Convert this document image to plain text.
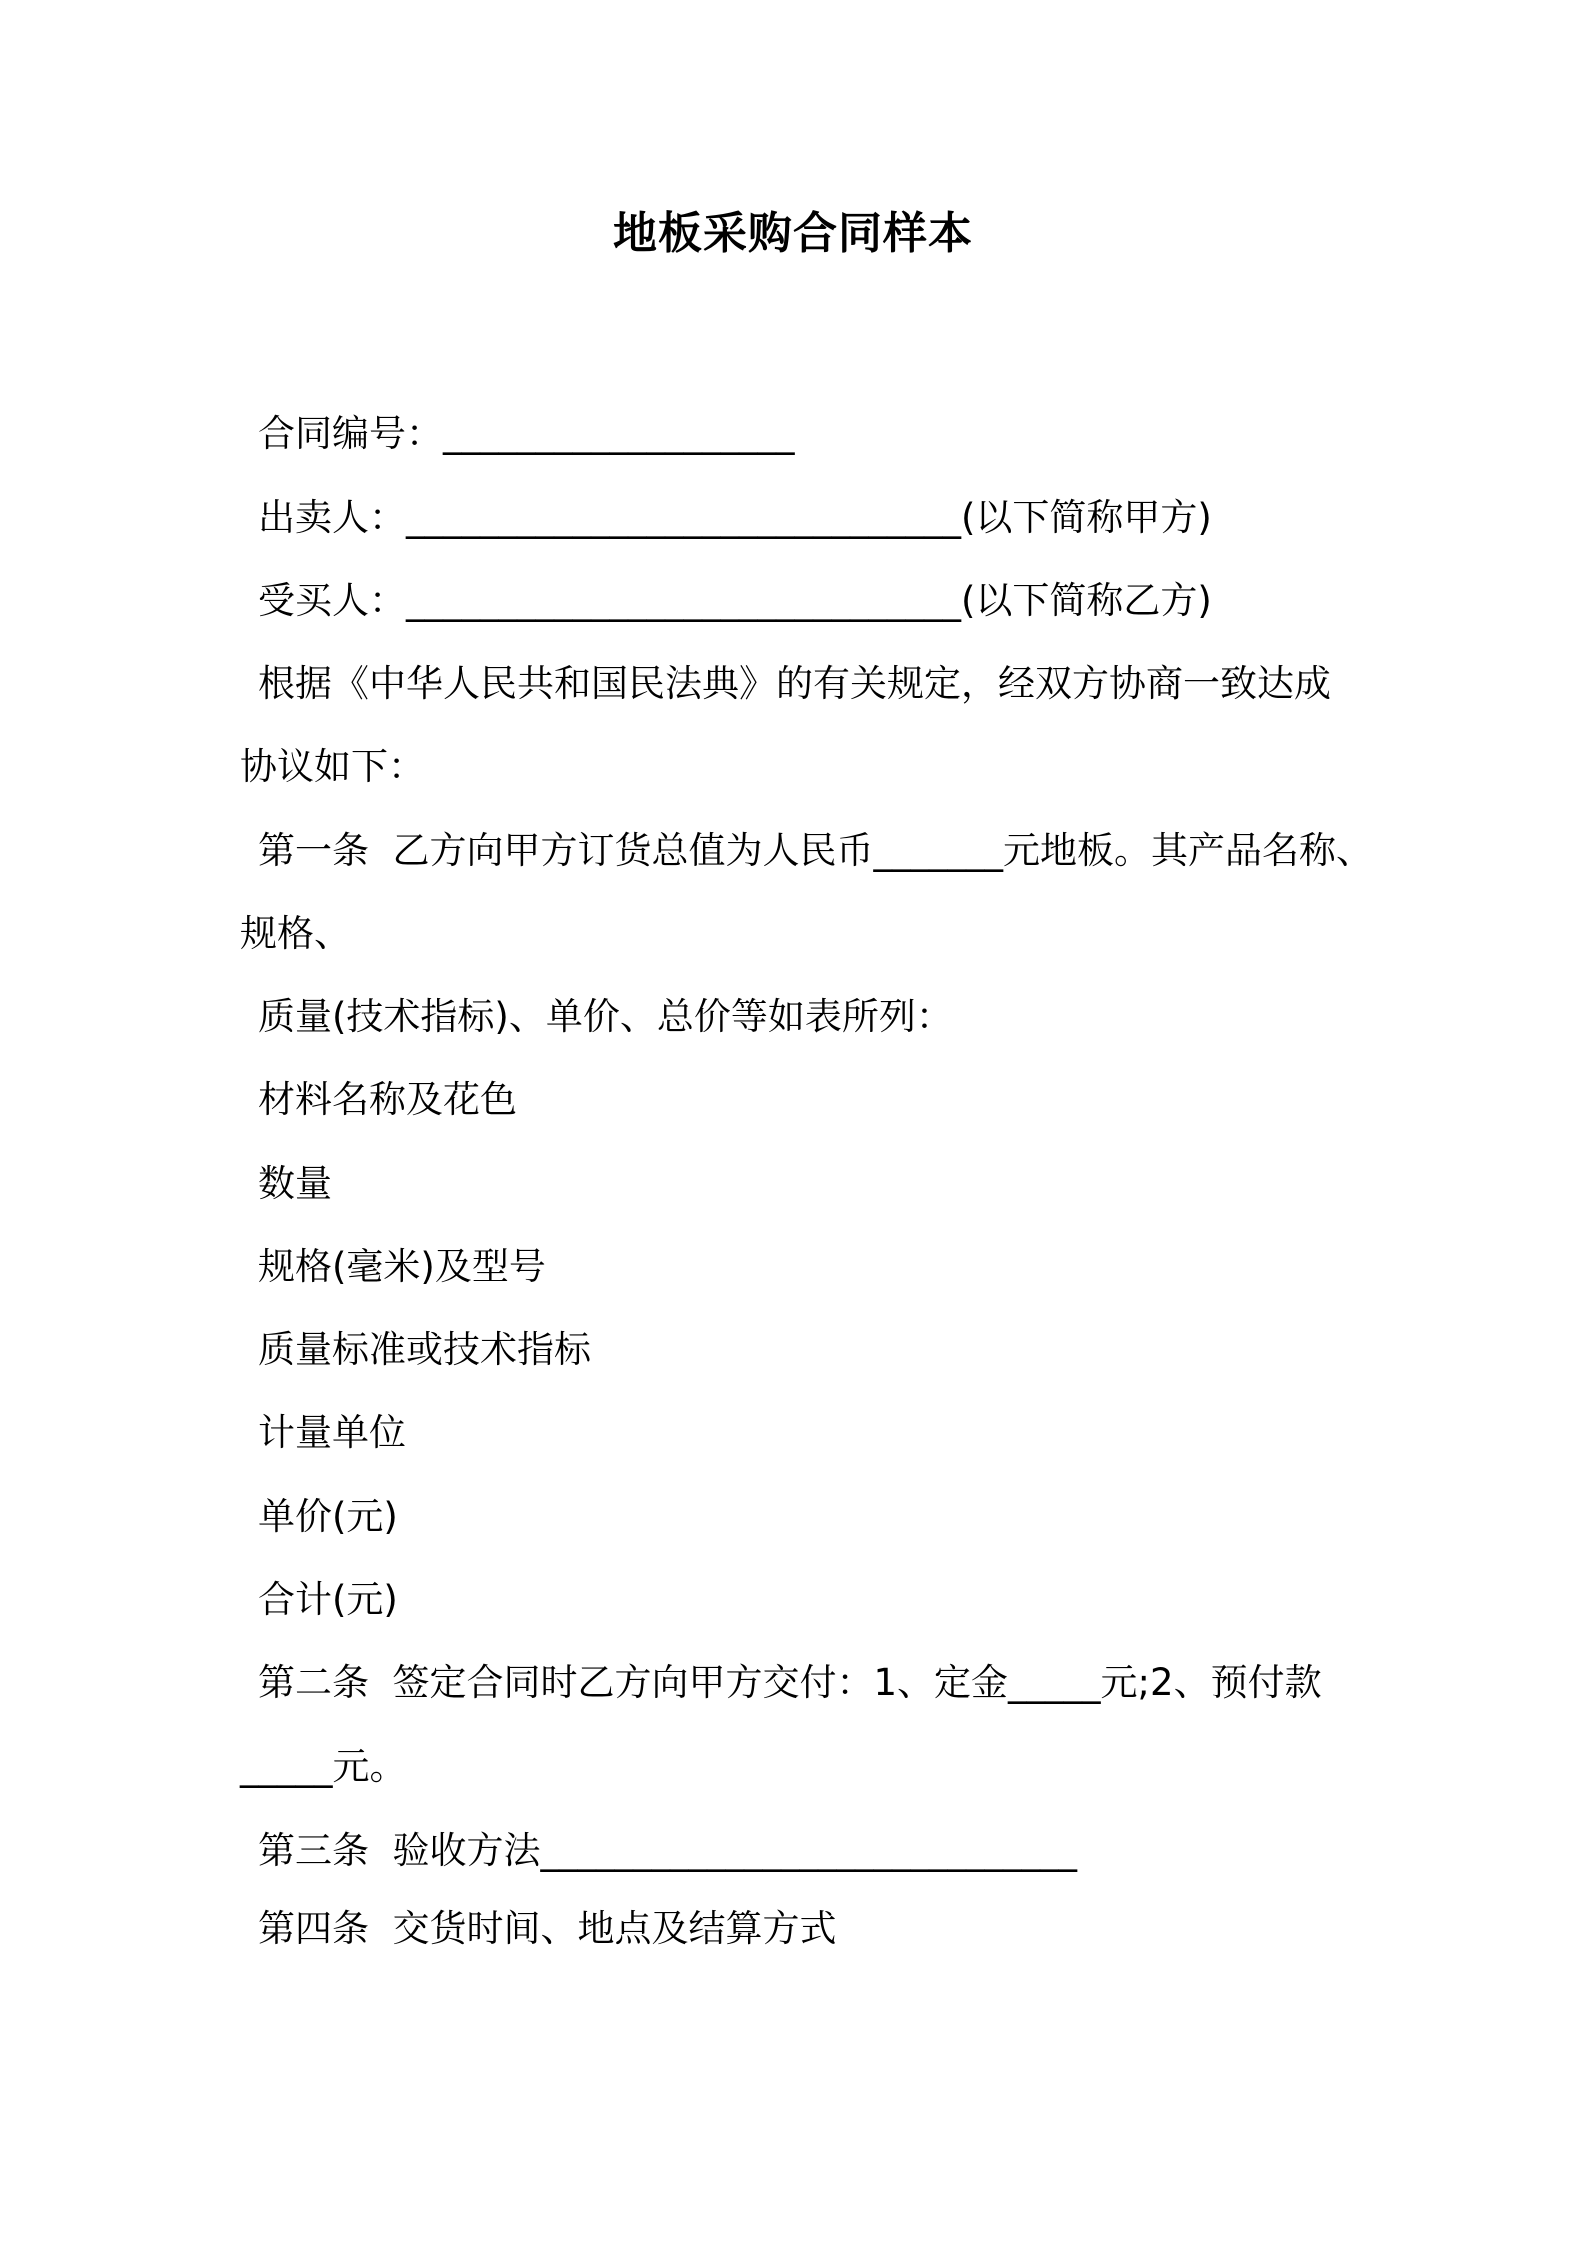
地板采购合同样本

合同编号：___________________

出卖人：______________________________(以下简称甲方)

受买人：______________________________(以下简称乙方)

根据《中华人民共和国民法典》的有关规定，经双方协商一致达成

协议如下：

第一条  乙方向甲方订货总值为人民币_______元地板。其产品名称、

规格、

质量(技术指标)、单价、总价等如表所列：

材料名称及花色

数量

规格(毫米)及型号

质量标准或技术指标

计量单位

单价(元)

合计(元)

第二条  签定合同时乙方向甲方交付：1、定金_____元;2、预付款

_____元。

第三条  验收方法_____________________________

第四条  交货时间、地点及结算方式
